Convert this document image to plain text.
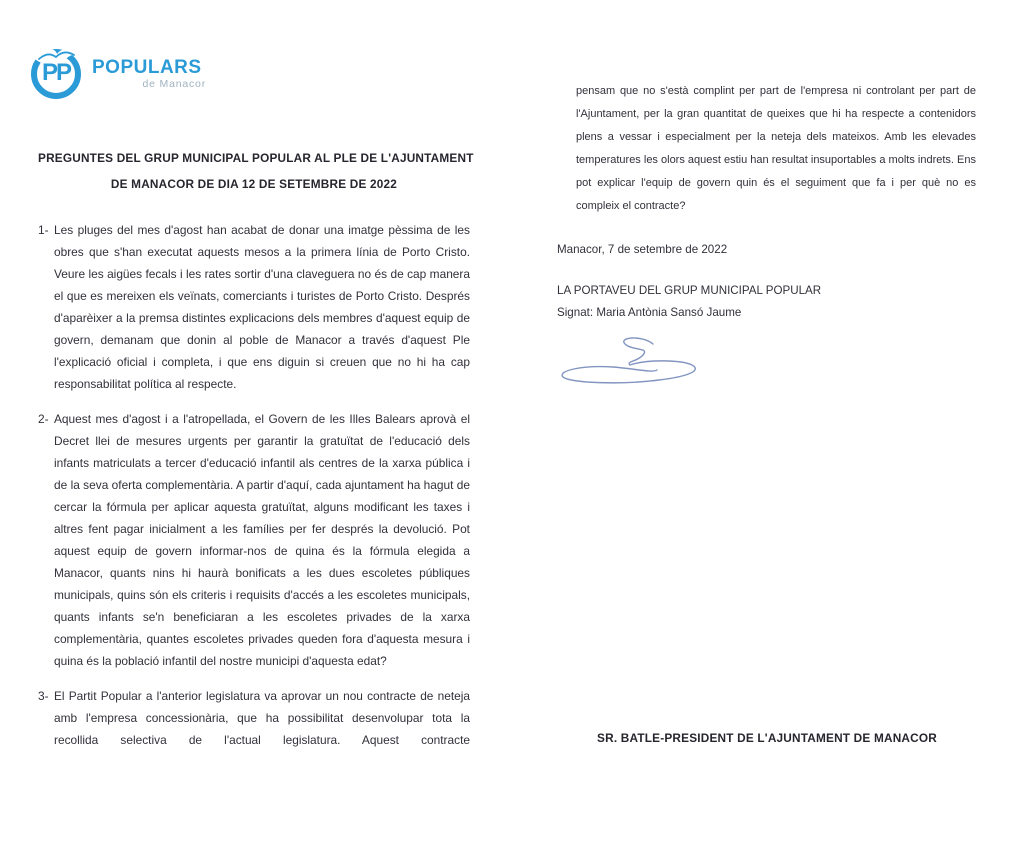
PP	POPULARS
de Manacor
PREGUNTES DEL GRUP MUNICIPAL POPULAR AL PLE DE L'AJUNTAMENT
DE MANACOR DE DIA 12 DE SETEMBRE DE 2022
1- Les pluges del mes d'agost han acabat de donar una imatge pèssima de les obres que s'han executat aquests mesos a la primera línia de Porto Cristo. Veure les aigües fecals i les rates sortir d'una claveguera no és de cap manera el que es mereixen els veïnats, comerciants i turistes de Porto Cristo. Després d'aparèixer a la premsa distintes explicacions dels membres d'aquest equip de govern, demanam que donin al poble de Manacor a través d'aquest Ple l'explicació oficial i completa, i que ens diguin si creuen que no hi ha cap responsabilitat política al respecte.
2- Aquest mes d'agost i a l'atropellada, el Govern de les Illes Balears aprovà el Decret llei de mesures urgents per garantir la gratuïtat de l'educació dels infants matriculats a tercer d'educació infantil als centres de la xarxa pública i de la seva oferta complementària. A partir d'aquí, cada ajuntament ha hagut de cercar la fórmula per aplicar aquesta gratuïtat, alguns modificant les taxes i altres fent pagar inicialment a les famílies per fer després la devolució. Pot aquest equip de govern informar-nos de quina és la fórmula elegida a Manacor, quants nins hi haurà bonificats a les dues escoletes públiques municipals, quins són els criteris i requisits d'accés a les escoletes municipals, quants infants se'n beneficiaran a les escoletes privades de la xarxa complementària, quantes escoletes privades queden fora d'aquesta mesura i quina és la població infantil del nostre municipi d'aquesta edat?
3- El Partit Popular a l'anterior legislatura va aprovar un nou contracte de neteja amb l'empresa concessionària, que ha possibilitat desenvolupar tota la recollida selectiva de l'actual legislatura. Aquest contracte
pensam que no s'està complint per part de l'empresa ni controlant per part de l'Ajuntament, per la gran quantitat de queixes que hi ha respecte a contenidors plens a vessar i especialment per la neteja dels mateixos. Amb les elevades temperatures les olors aquest estiu han resultat insuportables a molts indrets. Ens pot explicar l'equip de govern quin és el seguiment que fa i per què no es compleix el contracte?
Manacor, 7 de setembre de 2022
LA PORTAVEU DEL GRUP MUNICIPAL POPULAR
Signat: Maria Antònia Sansó Jaume
SR. BATLE-PRESIDENT DE L'AJUNTAMENT DE MANACOR
